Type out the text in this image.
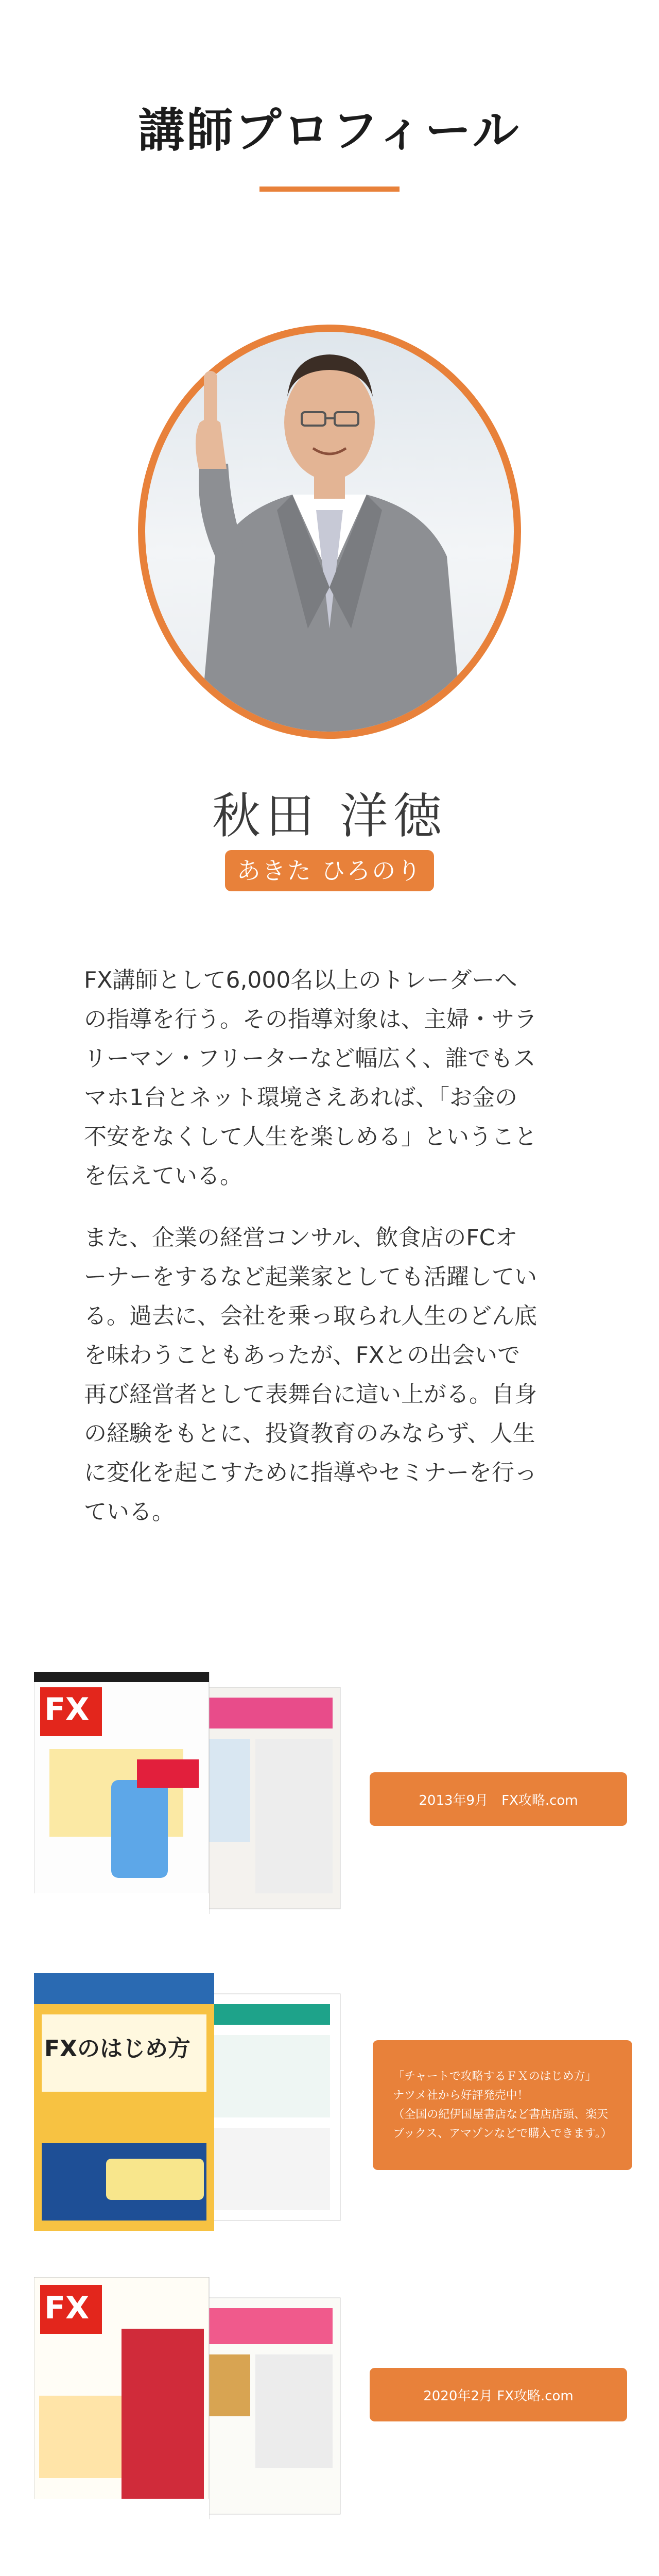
講師プロフィール
秋田 洋徳
あきた ひろのり

FX講師として6,000名以上のトレーダーへ
の指導を行う。その指導対象は、主婦・サラ
リーマン・フリーターなど幅広く、誰でもス
マホ1台とネット環境さえあれば、「お金の
不安をなくして人生を楽しめる」ということ
を伝えている。

また、企業の経営コンサル、飲食店のFCオ
ーナーをするなど起業家としても活躍してい
る。過去に、会社を乗っ取られ人生のどん底
を味わうこともあったが、FXとの出会いで
再び経営者として表舞台に這い上がる。自身
の経験をもとに、投資教育のみならず、人生
に変化を起こすために指導やセミナーを行っ
ている。

FX
2013年9月　FX攻略.com
FXのはじめ方
「チャートで攻略するＦＸのはじめ方」
ナツメ社から好評発売中！
（全国の紀伊国屋書店など書店店頭、楽天
ブックス、アマゾンなどで購入できます。）
FX
2020年2月 FX攻略.com
